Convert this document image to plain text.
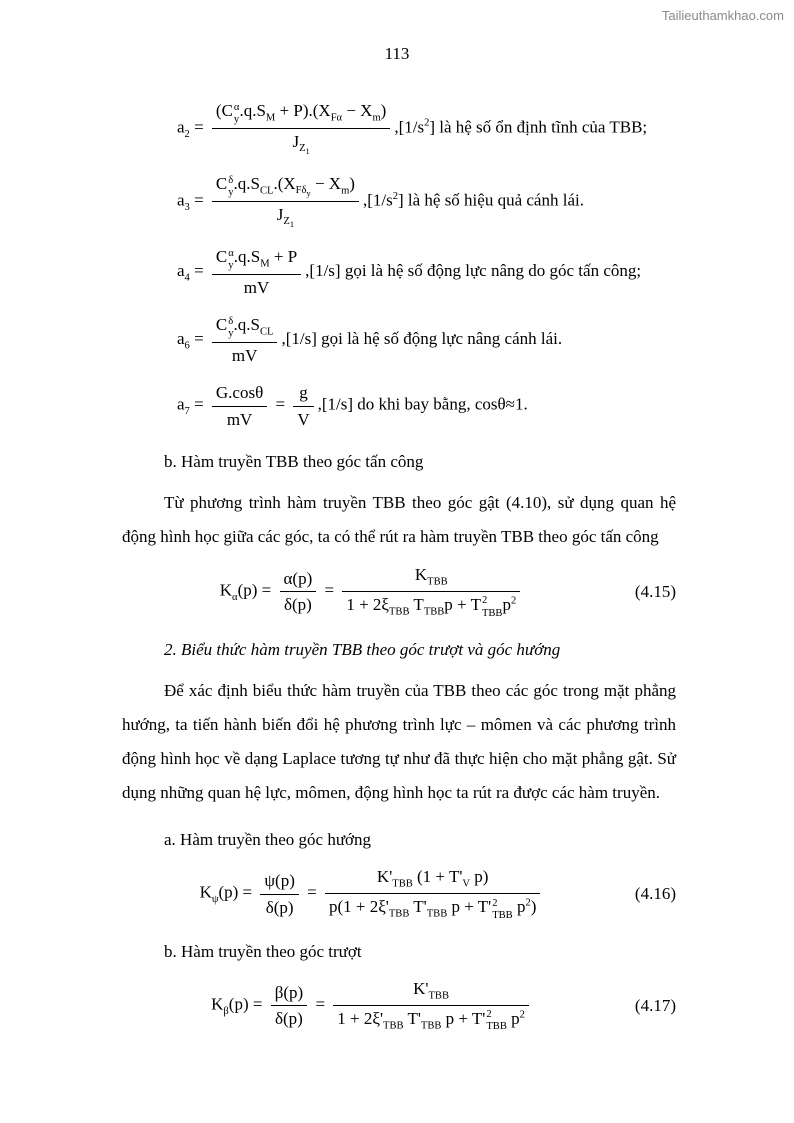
Tailieuthamkhao.com
113
$a_2 = (C$ α
y $.q.S_M + P).(X_{F\alpha} - X_m)$
$J_{Z_1}$ $,[1/s^2]$ là hệ số ổn định tĩnh của TBB;
$a_3 = C$ δ
y $.q.S_{CL}.(X_{F\delta_y} - X_m)$
$J_{Z_1}$ $,[1/s^2]$ là hệ số hiệu quả cánh lái.
$a_4 = C$ α
y $.q.S_M + P$
mV ,[1/s] gọi là hệ số động lực nâng do góc tấn công;
$a_6 = C$ δ
y $.q.S_{CL}$
mV ,[1/s] gọi là hệ số động lực nâng cánh lái.
$a_7 = \frac{G.\cos\theta}{mV} = \frac{g}{V} ,[1/s]$ do khi bay bằng, cosθ≈1.

b. Hàm truyền TBB theo góc tấn công

Từ phương trình hàm truyền TBB theo góc gật (4.10), sử dụng quan hệ động hình học giữa các góc, ta có thể rút ra hàm truyền TBB theo góc tấn công

$K_\alpha(p) = \frac{\alpha(p)}{\delta(p)} = K_{TBB}$
$1 + 2\xi_{TBB}$ $T_{TBB}p + T$ 2
TBB $p^2$	(4.15)

2. Biểu thức hàm truyền TBB theo góc trượt và góc hướng

Để xác định biểu thức hàm truyền của TBB theo các góc trong mặt phẳng hướng, ta tiến hành biến đổi hệ phương trình lực – mômen và các phương trình động hình học về dạng Laplace tương tự như đã thực hiện cho mặt phẳng gật. Sử dụng những quan hệ lực, mômen, động hình học ta rút ra được các hàm truyền.

a. Hàm truyền theo góc hướng

$K_\psi(p) = \frac{\psi(p)}{\delta(p)} = K'_{TBB}$ ($1 + T'_V$ p)
$p(1 + 2\xi'_{TBB}$ $T'_{TBB}$ p + T' 2
TBB $p^2$)	(4.16)

b. Hàm truyền theo góc trượt

$K_\beta(p) = \frac{\beta(p)}{\delta(p)} = K'_{TBB}$
$1 + 2\xi'_{TBB}$ $T'_{TBB}$ p + T' 2
TBB $p^2$	(4.17)
